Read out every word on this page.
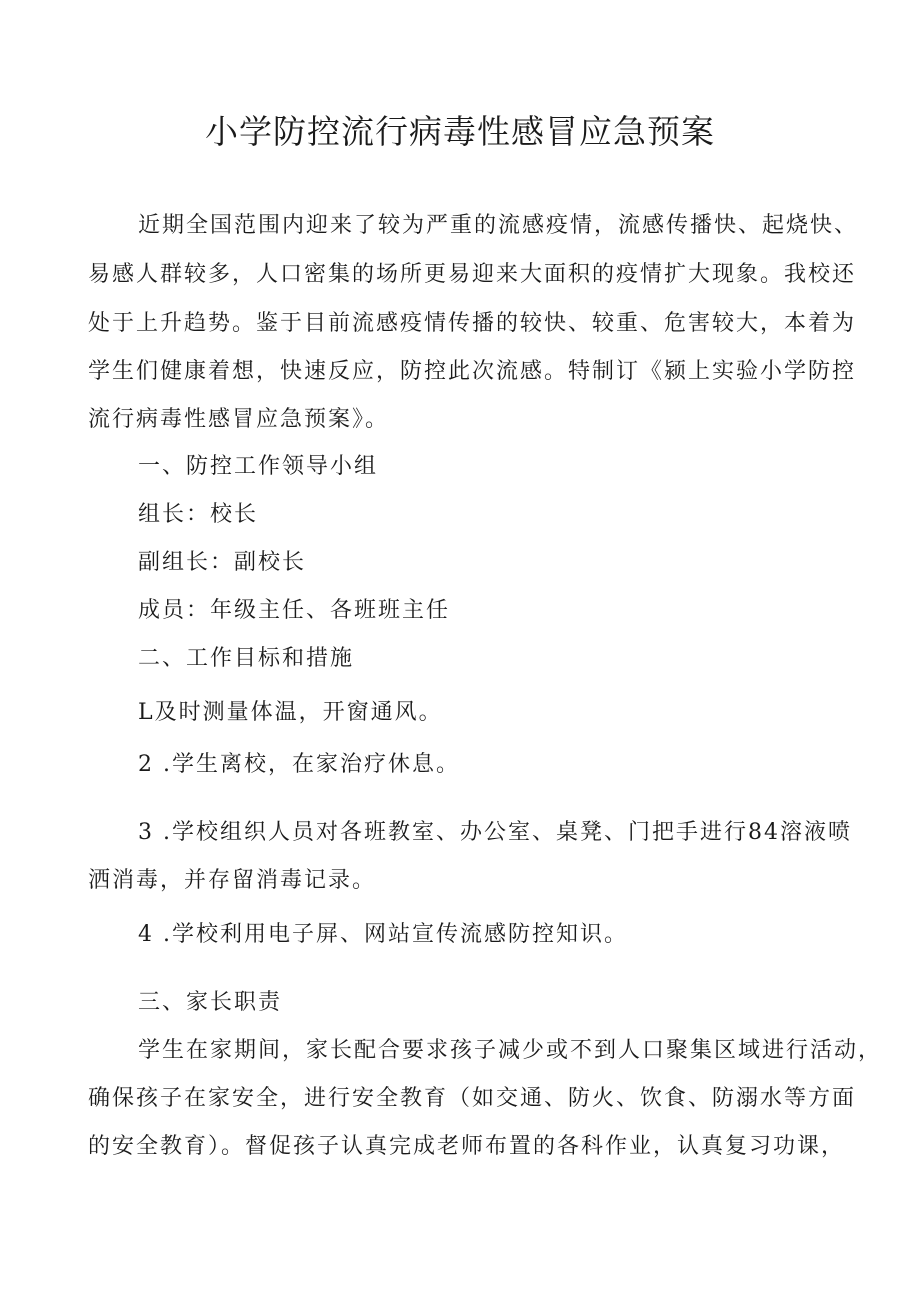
小学防控流行病毒性感冒应急预案
近期全国范围内迎来了较为严重的流感疫情，流感传播快、起烧快、
易感人群较多，人口密集的场所更易迎来大面积的疫情扩大现象。我校还
处于上升趋势。鉴于目前流感疫情传播的较快、较重、危害较大，本着为
学生们健康着想，快速反应，防控此次流感。特制订《颍上实验小学防控
流行病毒性感冒应急预案》。
一、防控工作领导小组
组长：校长
副组长：副校长
成员：年级主任、各班班主任
二、工作目标和措施
L及时测量体温，开窗通风。
2 .学生离校，在家治疗休息。
3 .学校组织人员对各班教室、办公室、桌凳、门把手进行84溶液喷
洒消毒，并存留消毒记录。
4 .学校利用电子屏、网站宣传流感防控知识。
三、家长职责
学生在家期间，家长配合要求孩子减少或不到人口聚集区域进行活动，
确保孩子在家安全，进行安全教育（如交通、防火、饮食、防溺水等方面
的安全教育）。督促孩子认真完成老师布置的各科作业，认真复习功课，
